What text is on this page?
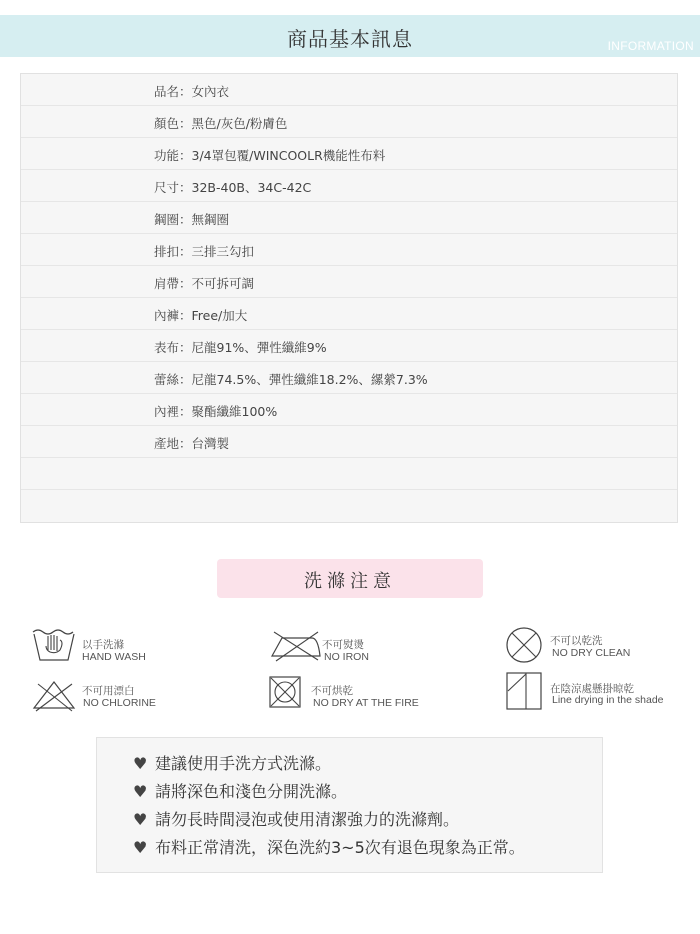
商品基本訊息	INFORMATION
品名：女內衣
顏色：黑色/灰色/粉膚色
功能：3/4罩包覆/WINCOOLR機能性布料
尺寸：32B-40B、34C-42C
鋼圈：無鋼圈
排扣：三排三勾扣
肩帶：不可拆可調
內褲：Free/加大
表布：尼龍91%、彈性纖維9%
蕾絲：尼龍74.5%、彈性纖維18.2%、縲縈7.3%
內裡：聚酯纖維100%
產地：台灣製
洗滌注意
以手洗滌
HAND WASH
不可熨燙
NO IRON
不可以乾洗
NO DRY CLEAN
不可用漂白
NO CHLORINE
不可烘乾
NO DRY AT THE FIRE
在陰涼處懸掛晾乾
Line drying in the shade
♥ 建議使用手洗方式洗滌。
♥ 請將深色和淺色分開洗滌。
♥ 請勿長時間浸泡或使用清潔強力的洗滌劑。
♥ 布料正常清洗，深色洗約3~5次有退色現象為正常。
